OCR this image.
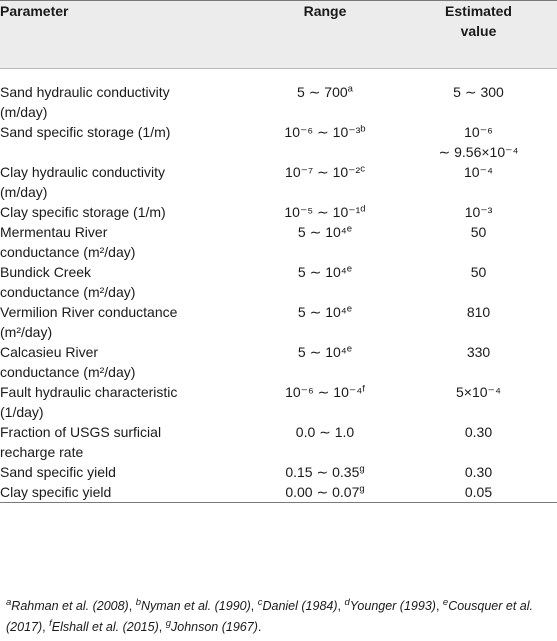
Parameter	Range	Estimated
value
Sand hydraulic conductivity
(m/day)	5 ∼ 700$^a$	5 ∼ 300
Sand specific storage (1/m)	10⁻⁶ ∼ 10⁻³$^b$	10⁻⁶
∼ 9.56×10⁻⁴
Clay hydraulic conductivity
(m/day)	10⁻⁷ ∼ 10⁻²$^c$	10⁻⁴
Clay specific storage (1/m)	10⁻⁵ ∼ 10⁻¹$^d$	10⁻³
Mermentau River
conductance (m²/day)	5 ∼ 10⁴$^e$	50
Bundick Creek
conductance (m²/day)	5 ∼ 10⁴$^e$	50
Vermilion River conductance
(m²/day)	5 ∼ 10⁴$^e$	810
Calcasieu River
conductance (m²/day)	5 ∼ 10⁴$^e$	330
Fault hydraulic characteristic
(1/day)	10⁻⁶ ∼ 10⁻⁴$^f$	5×10⁻⁴
Fraction of USGS surficial
recharge rate	0.0 ∼ 1.0	0.30
Sand specific yield	0.15 ∼ 0.35$^g$	0.30
Clay specific yield	0.00 ∼ 0.07$^g$	0.05
$^a$Rahman et al. (2008), $^b$Nyman et al. (1990), $^c$Daniel (1984), $^d$Younger (1993), $^e$Cousquer et al. (2017), $^f$Elshall et al. (2015), $^g$Johnson (1967).
